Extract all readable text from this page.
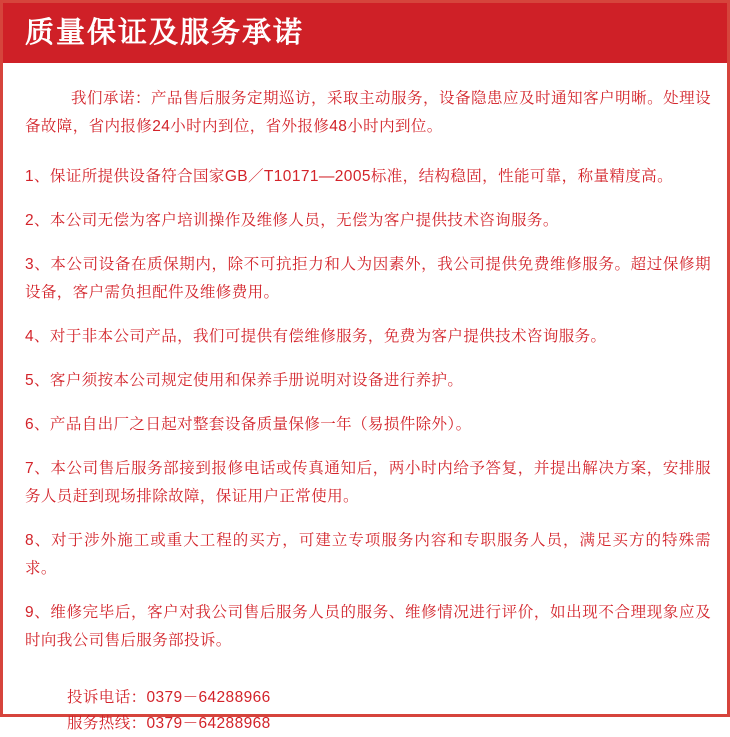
质量保证及服务承诺

我们承诺：产品售后服务定期巡访，采取主动服务，设备隐患应及时通知客户明晰。处理设备故障，省内报修24小时内到位，省外报修48小时内到位。

1、保证所提供设备符合国家GB／T10171—2005标准，结构稳固，性能可靠，称量精度高。

2、本公司无偿为客户培训操作及维修人员，无偿为客户提供技术咨询服务。

3、本公司设备在质保期内，除不可抗拒力和人为因素外，我公司提供免费维修服务。超过保修期设备，客户需负担配件及维修费用。

4、对于非本公司产品，我们可提供有偿维修服务，免费为客户提供技术咨询服务。

5、客户须按本公司规定使用和保养手册说明对设备进行养护。

6、产品自出厂之日起对整套设备质量保修一年（易损件除外）。

7、本公司售后服务部接到报修电话或传真通知后，两小时内给予答复，并提出解决方案，安排服务人员赶到现场排除故障，保证用户正常使用。

8、对于涉外施工或重大工程的买方，可建立专项服务内容和专职服务人员，满足买方的特殊需求。

9、维修完毕后，客户对我公司售后服务人员的服务、维修情况进行评价，如出现不合理现象应及时向我公司售后服务部投诉。

投诉电话：0379－64288966
服务热线：0379－64288968
